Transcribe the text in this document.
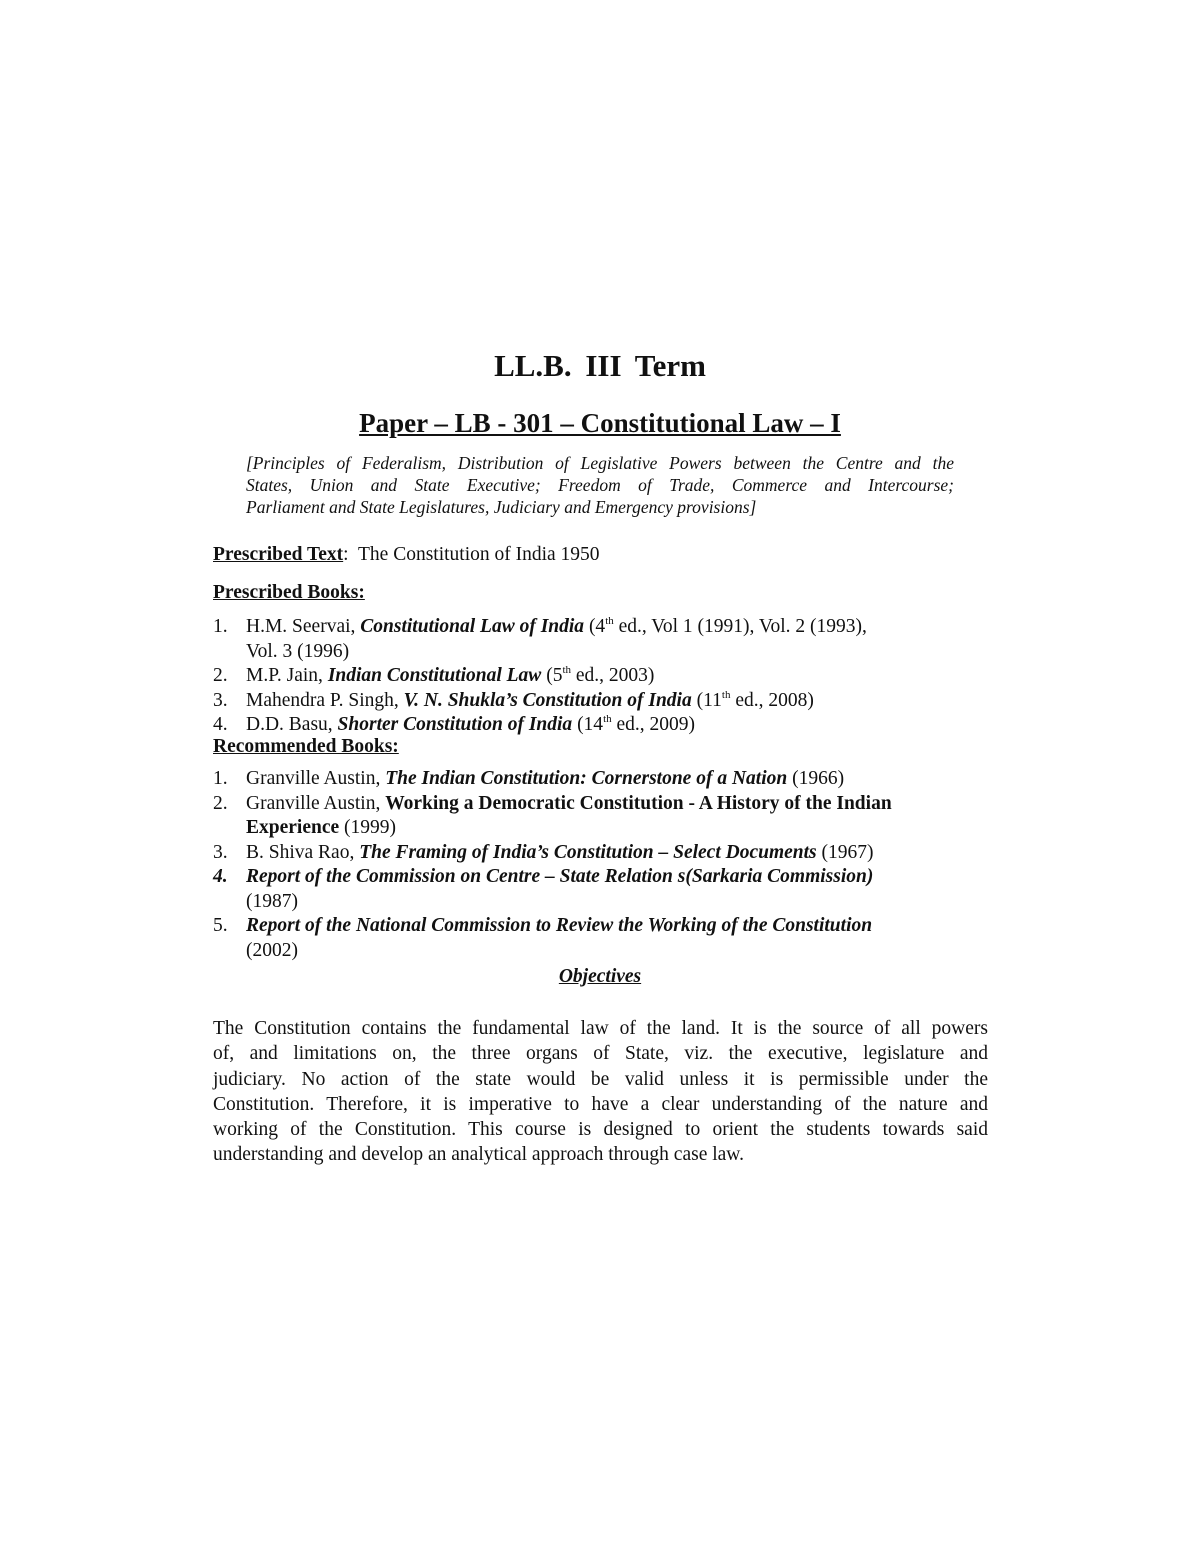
LL.B. III Term
Paper – LB - 301 – Constitutional Law – I
[Principles of Federalism, Distribution of Legislative Powers between the Centre and the
States, Union and State Executive; Freedom of Trade, Commerce and Intercourse;
Parliament and State Legislatures, Judiciary and Emergency provisions]
Prescribed Text: The Constitution of India 1950
Prescribed Books:
1. H.M. Seervai, Constitutional Law of India (4th ed., Vol 1 (1991), Vol. 2 (1993),
Vol. 3 (1996)
2. M.P. Jain, Indian Constitutional Law (5th ed., 2003)
3. Mahendra P. Singh, V. N. Shukla’s Constitution of India (11th ed., 2008)
4. D.D. Basu, Shorter Constitution of India (14th ed., 2009)
Recommended Books:
1. Granville Austin, The Indian Constitution: Cornerstone of a Nation (1966)
2. Granville Austin, Working a Democratic Constitution - A History of the Indian
Experience (1999)
3. B. Shiva Rao, The Framing of India’s Constitution – Select Documents (1967)
4. Report of the Commission on Centre – State Relation s(Sarkaria Commission)
(1987)
5. Report of the National Commission to Review the Working of the Constitution
(2002)
Objectives
The Constitution contains the fundamental law of the land. It is the source of all powers
of, and limitations on, the three organs of State, viz. the executive, legislature and
judiciary. No action of the state would be valid unless it is permissible under the
Constitution. Therefore, it is imperative to have a clear understanding of the nature and
working of the Constitution. This course is designed to orient the students towards said
understanding and develop an analytical approach through case law.
